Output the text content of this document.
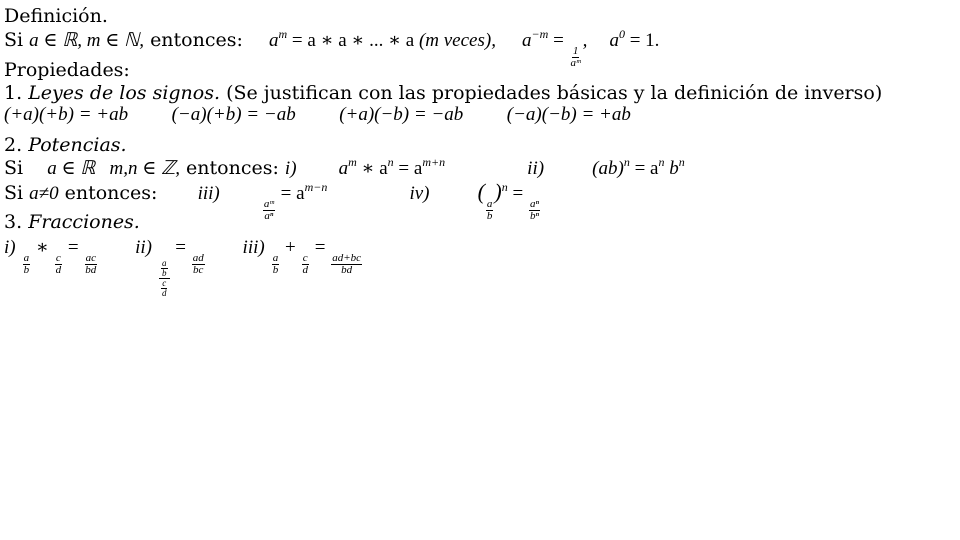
Definición.
Si a ∈ ℝ, m ∈ ℕ, entonces: $a^m = a$ ∗ a ∗ ... ∗ a (m veces), $a^{-m}$ =
$\frac{1}{\text{aᵐ}}$
, $a^0 = 1$.
Propiedades:
1. Leyes de los signos. (Se justifican con las propiedades básicas y la definición de inverso)
(+a)(+b) = +ab (−a)(+b) = −ab (+a)(−b) = −ab (−a)(−b) = +ab
2. Potencias.
Si a ∈ ℝ   m,n ∈ ℤ, entonces: i) $a^m$ ∗ $a^n = a^{m+n}$	ii)	$(ab)^n = a^n$ $b^n$
Si a≠0 entonces: iii)
$\frac{\text{aᵐ}}{\text{aⁿ}}$
= $a^{m-n}$	iv) (
$\frac{a}{b}$
)$^n$ =
$\frac{\text{aⁿ}}{\text{bⁿ}}$
3. Fracciones.
i)
$\frac{a}{b}$
∗
$\frac{c}{d}$
=
$\frac{ac}{bd}$
ii)
$\frac{\frac{a}{b}}{\frac{c}{d}}$
=
$\frac{ad}{bc}$
iii)
$\frac{a}{b}$
+
$\frac{c}{d}$
=
$\frac{ad+bc}{bd}$
